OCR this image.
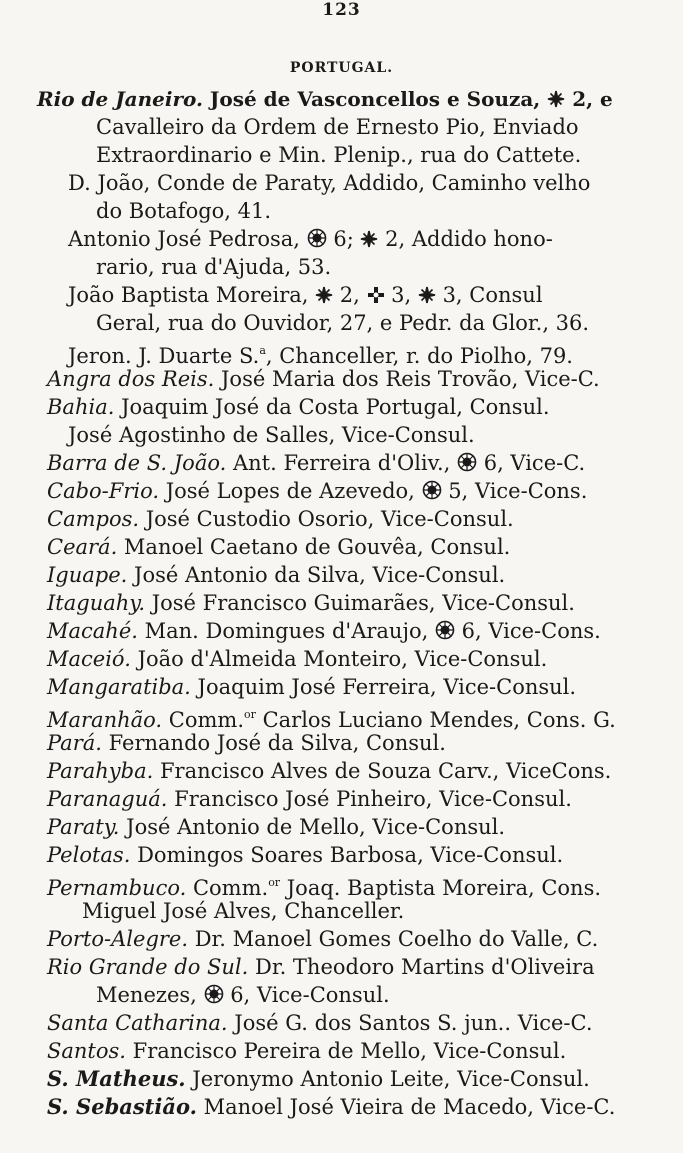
123
PORTUGAL.
Rio de Janeiro. José de Vasconcellos e Souza,  2, e
Cavalleiro da Ordem de Ernesto Pio, Enviado
Extraordinario e Min. Plenip., rua do Cattete.
D. João, Conde de Paraty, Addido, Caminho velho
do Botafogo, 41.
Antonio José Pedrosa,  6;  2, Addido hono-
rario, rua d'Ajuda, 53.
João Baptista Moreira,  2,  3,  3, Consul
Geral, rua do Ouvidor, 27, e Pedr. da Glor., 36.
Jeron. J. Duarte S.$^a$, Chanceller, r. do Piolho, 79.
Angra dos Reis. José Maria dos Reis Trovão, Vice-C.
Bahia. Joaquim José da Costa Portugal, Consul.
José Agostinho de Salles, Vice-Consul.
Barra de S. João. Ant. Ferreira d'Oliv.,  6, Vice-C.
Cabo-Frio. José Lopes de Azevedo,  5, Vice-Cons.
Campos. José Custodio Osorio, Vice-Consul.
Ceará. Manoel Caetano de Gouvêa, Consul.
Iguape. José Antonio da Silva, Vice-Consul.
Itaguahy. José Francisco Guimarães, Vice-Consul.
Macahé. Man. Domingues d'Araujo,  6, Vice-Cons.
Maceió. João d'Almeida Monteiro, Vice-Consul.
Mangaratiba. Joaquim José Ferreira, Vice-Consul.
Maranhão. Comm.$^{or}$ Carlos Luciano Mendes, Cons. G.
Pará. Fernando José da Silva, Consul.
Parahyba. Francisco Alves de Souza Carv., ViceCons.
Paranaguá. Francisco José Pinheiro, Vice-Consul.
Paraty. José Antonio de Mello, Vice-Consul.
Pelotas. Domingos Soares Barbosa, Vice-Consul.
Pernambuco. Comm.$^{or}$ Joaq. Baptista Moreira, Cons.
Miguel José Alves, Chanceller.
Porto-Alegre. Dr. Manoel Gomes Coelho do Valle, C.
Rio Grande do Sul. Dr. Theodoro Martins d'Oliveira
Menezes,  6, Vice-Consul.
Santa Catharina. José G. dos Santos S. jun.. Vice-C.
Santos. Francisco Pereira de Mello, Vice-Consul.
S. Matheus. Jeronymo Antonio Leite, Vice-Consul.
S. Sebastião. Manoel José Vieira de Macedo, Vice-C.
